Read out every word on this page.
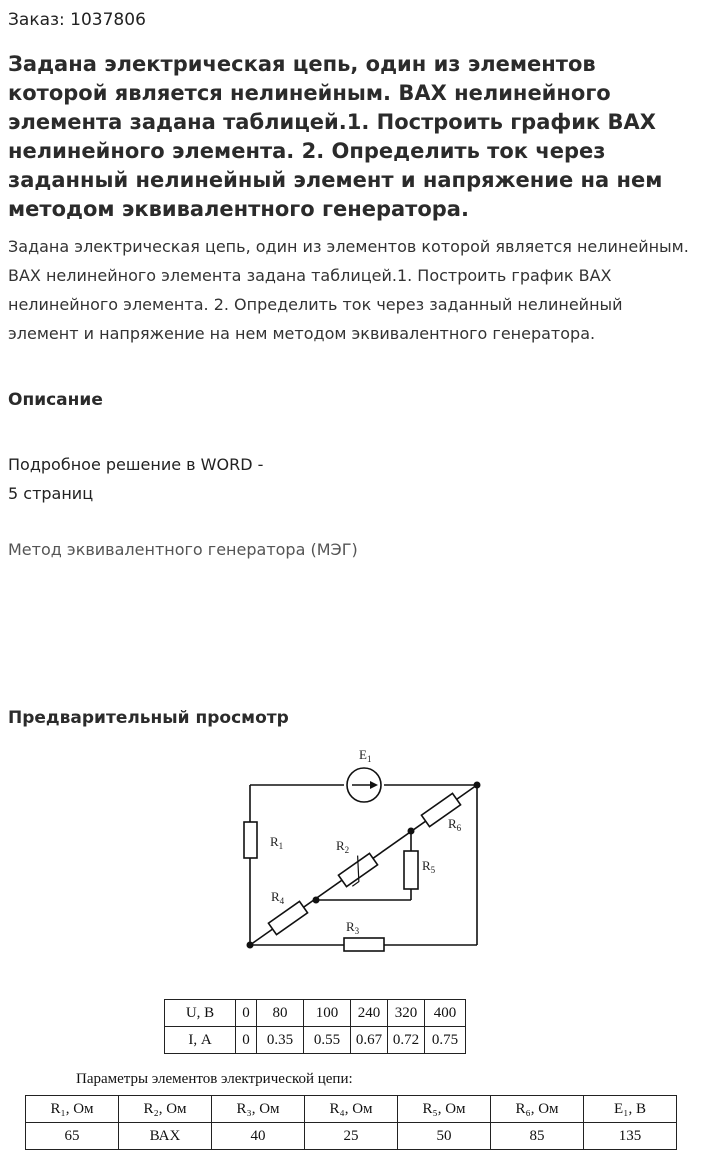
Заказ: 1037806
Задана электрическая цепь, один из элементов которой является нелинейным. ВАХ нелинейного элемента задана таблицей.1. Построить график ВАХ нелинейного элемента. 2. Определить ток через заданный нелинейный элемент и напряжение на нем методом эквивалентного генератора.

Задана электрическая цепь, один из элементов которой является нелинейным. ВАХ нелинейного элемента задана таблицей.1. Построить график ВАХ нелинейного элемента. 2. Определить ток через заданный нелинейный элемент и напряжение на нем методом эквивалентного генератора.

Описание
Подробное решение в WORD -
5 страниц
Метод эквивалентного генератора (МЭГ)
Предварительный просмотр
$E_1$
$R_1$	$R_2$
$R_3$
$R_4$
$R_5$
$R_6$
U, В	0	80	100	240	320	400
I, А	0	0.35	0.55	0.67	0.72	0.75
Параметры элементов электрической цепи:
R₁, Ом	R₂, Ом	R₃, Ом	R₄, Ом	R₅, Ом	R₆, Ом	E₁, В
65	ВАХ	40	25	50	85	135
